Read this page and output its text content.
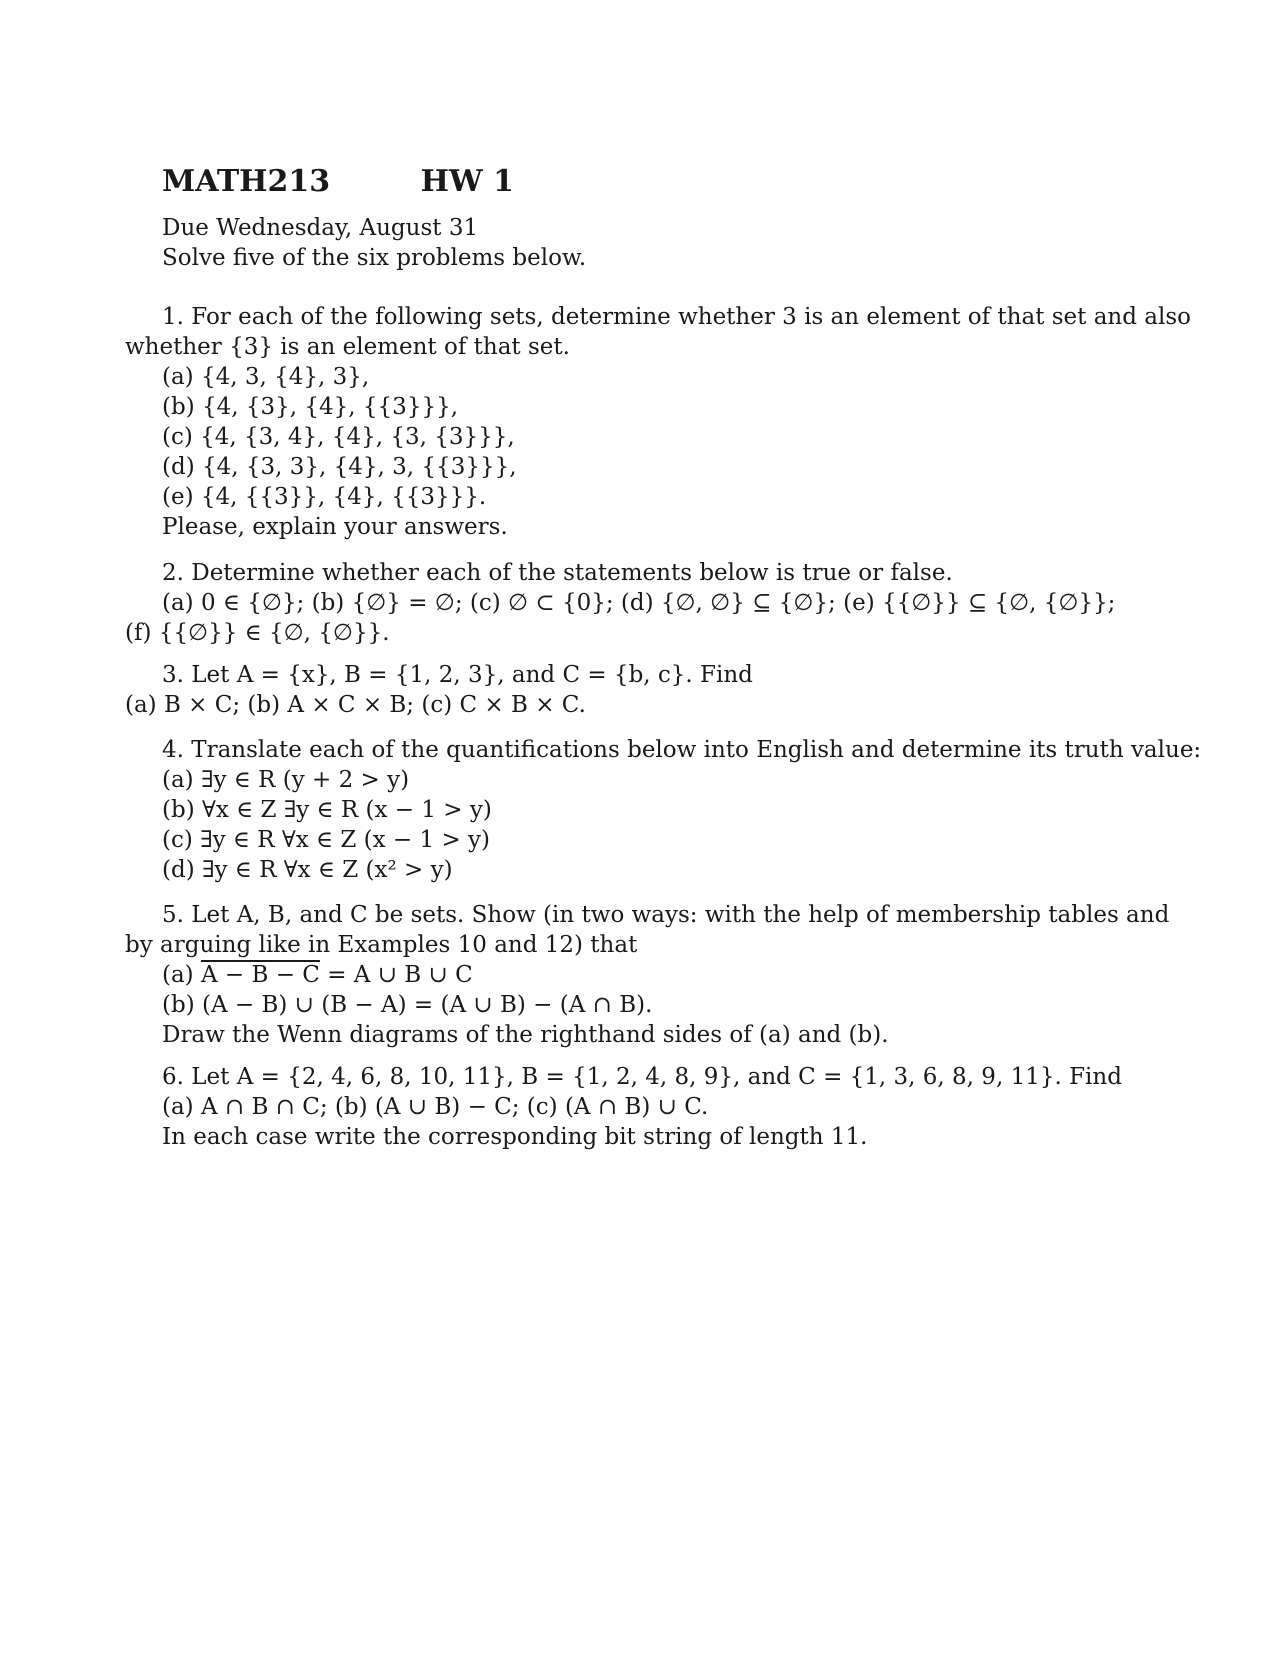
MATH213	HW 1
Due Wednesday, August 31
Solve five of the six problems below.
1. For each of the following sets, determine whether 3 is an element of that set and also
whether {3} is an element of that set.
(a) {4, 3, {4}, 3},
(b) {4, {3}, {4}, {{3}}},
(c) {4, {3, 4}, {4}, {3, {3}}},
(d) {4, {3, 3}, {4}, 3, {{3}}},
(e) {4, {{3}}, {4}, {{3}}}.
Please, explain your answers.
2. Determine whether each of the statements below is true or false.
(a) 0 ∈ {∅}; (b) {∅} = ∅; (c) ∅ ⊂ {0}; (d) {∅, ∅} ⊆ {∅}; (e) {{∅}} ⊆ {∅, {∅}};
(f) {{∅}} ∈ {∅, {∅}}.
3. Let A = {x}, B = {1, 2, 3}, and C = {b, c}. Find
(a) B × C; (b) A × C × B; (c) C × B × C.
4. Translate each of the quantifications below into English and determine its truth value:
(a) ∃y ∈ R (y + 2 > y)
(b) ∀x ∈ Z ∃y ∈ R (x − 1 > y)
(c) ∃y ∈ R ∀x ∈ Z (x − 1 > y)
(d) ∃y ∈ R ∀x ∈ Z (x² > y)
5. Let A, B, and C be sets. Show (in two ways: with the help of membership tables and
by arguing like in Examples 10 and 12) that
(a) A − B − C = A ∪ B ∪ C
(b) (A − B) ∪ (B − A) = (A ∪ B) − (A ∩ B).
Draw the Wenn diagrams of the righthand sides of (a) and (b).
6. Let A = {2, 4, 6, 8, 10, 11}, B = {1, 2, 4, 8, 9}, and C = {1, 3, 6, 8, 9, 11}. Find
(a) A ∩ B ∩ C; (b) (A ∪ B) − C; (c) (A ∩ B) ∪ C.
In each case write the corresponding bit string of length 11.
